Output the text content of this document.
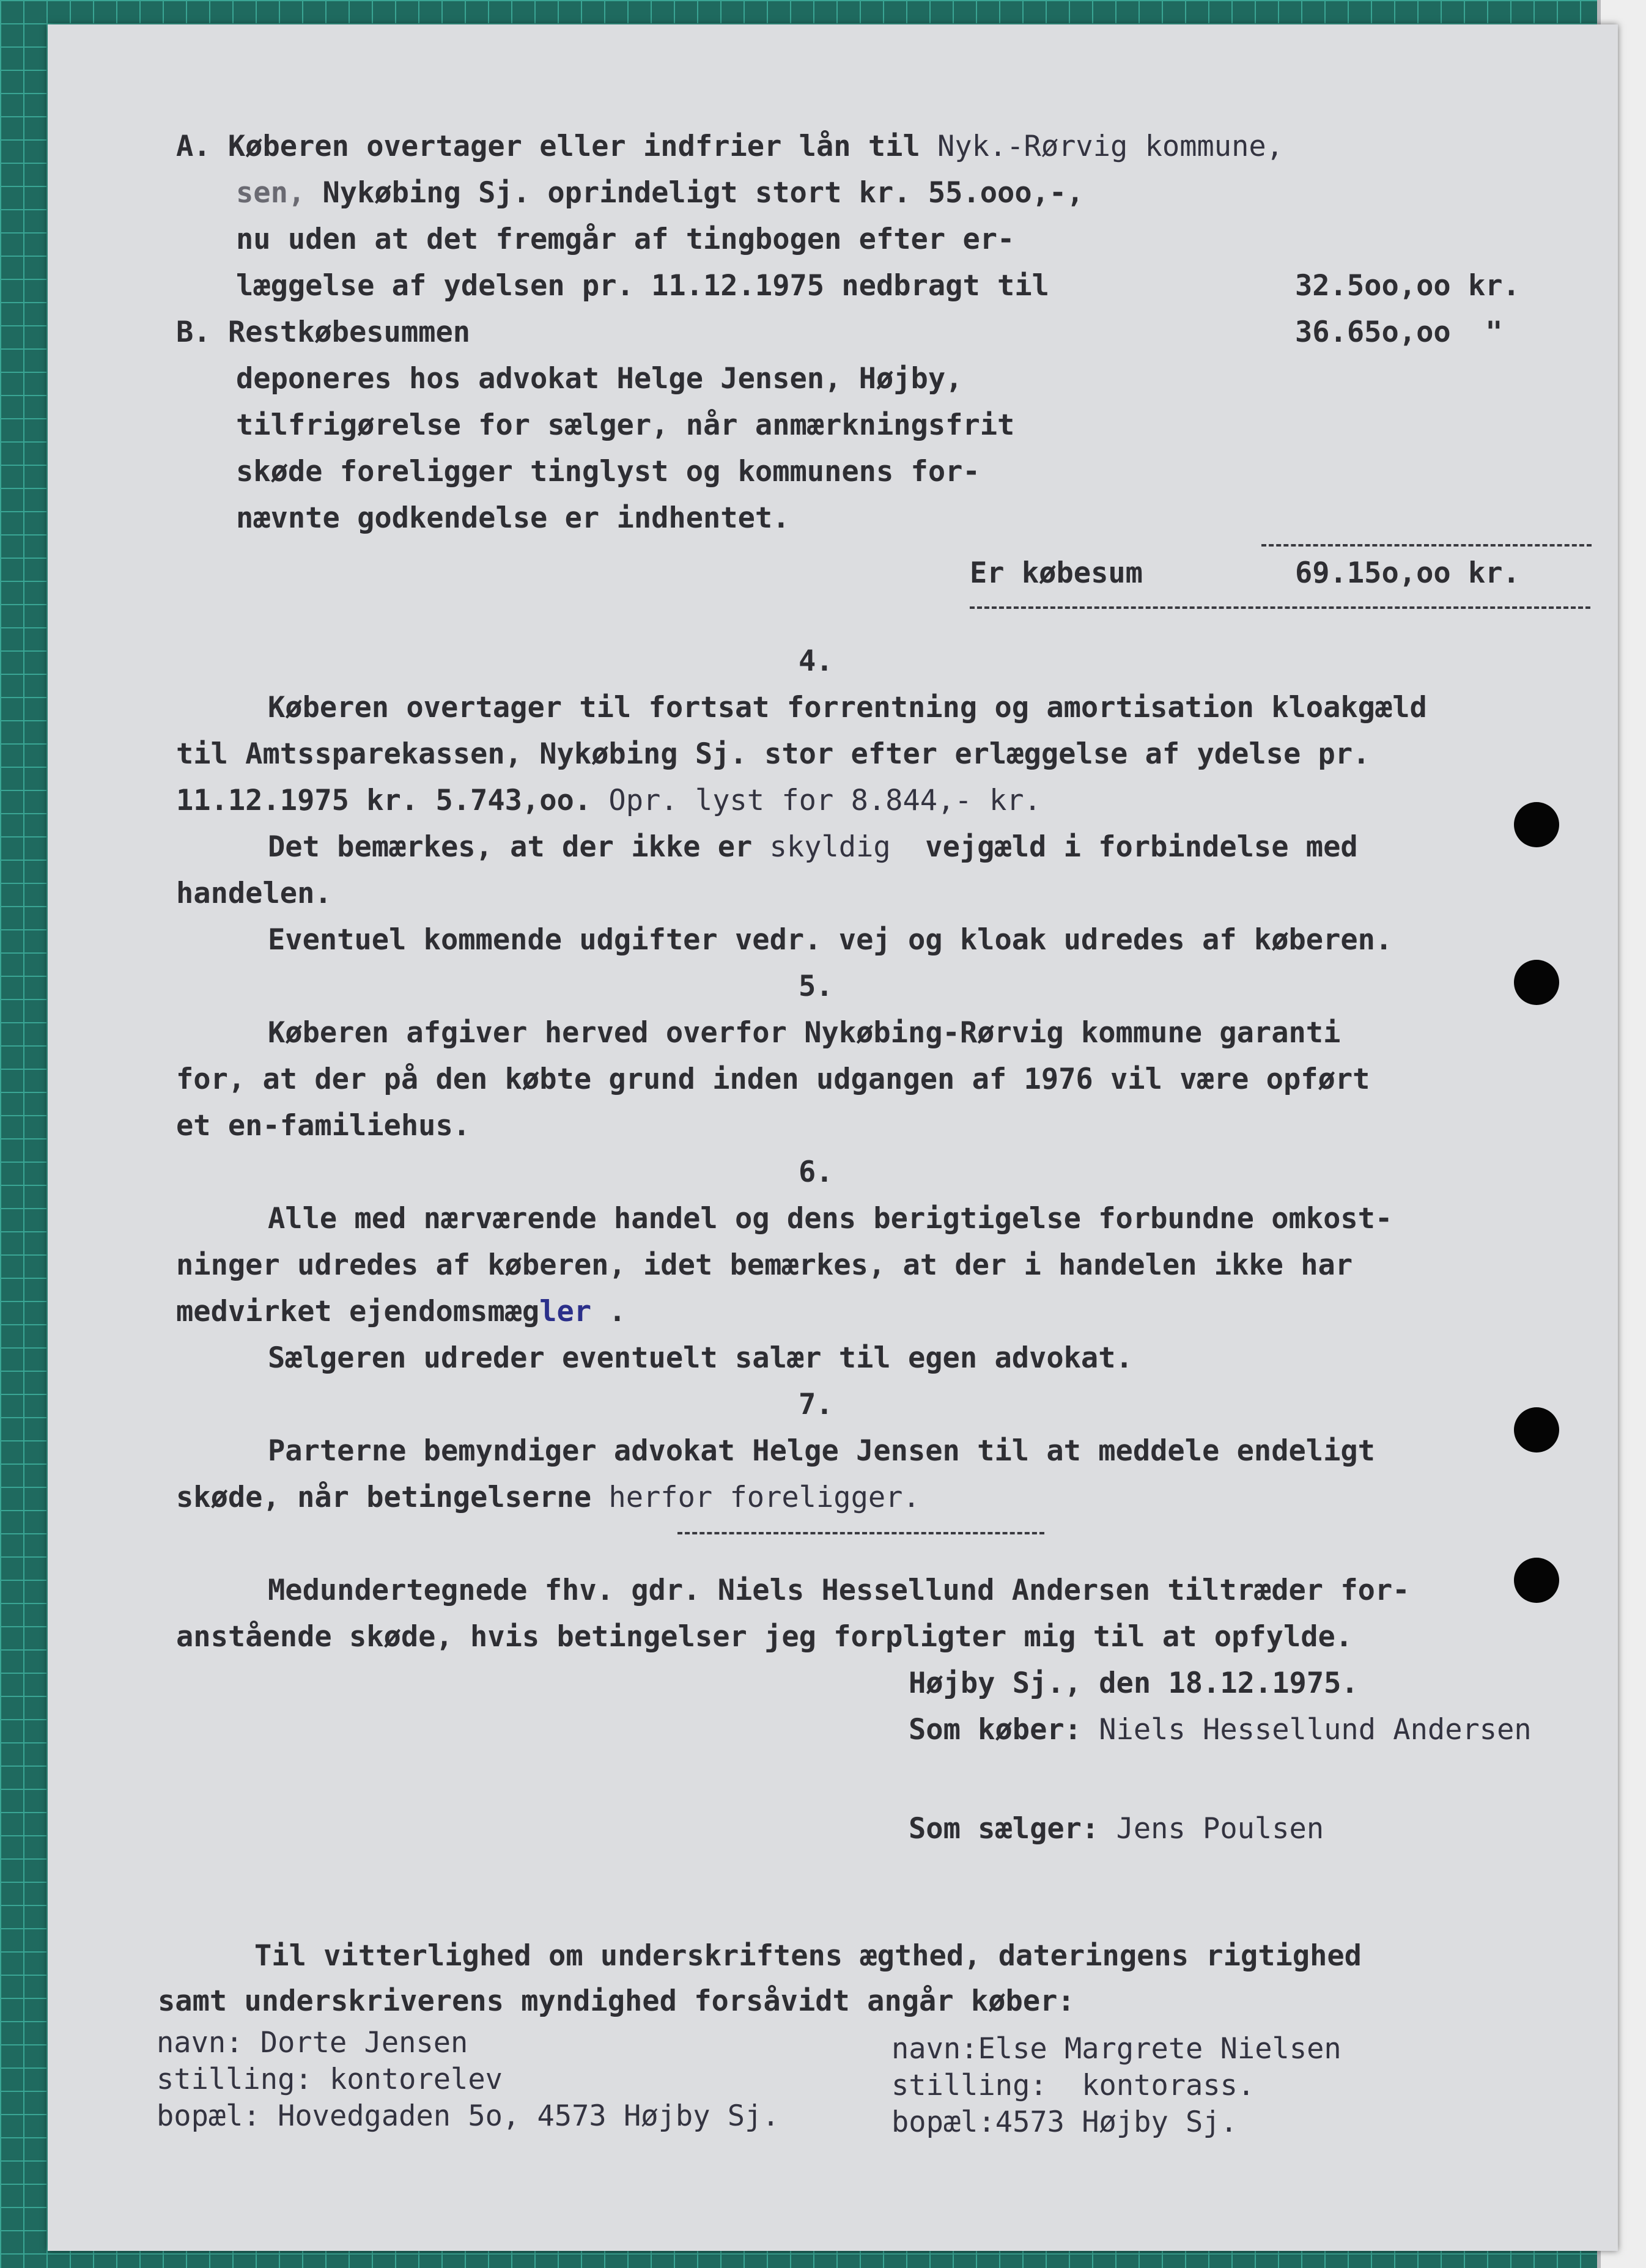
A. Køberen overtager eller indfrier lån til Nyk.-Rørvig kommune,
sen, Nykøbing Sj. oprindeligt stort kr. 55.ooo,-,
nu uden at det fremgår af tingbogen efter er-
læggelse af ydelsen pr. 11.12.1975 nedbragt til	32.5oo,oo kr.
B. Restkøbesummen	36.65o,oo  "
deponeres hos advokat Helge Jensen, Højby,
tilfrigørelse for sælger, når anmærkningsfrit
skøde foreligger tinglyst og kommunens for-
nævnte godkendelse er indhentet.
Er købesum	69.15o,oo kr.
4.
Køberen overtager til fortsat forrentning og amortisation kloakgæld
til Amtssparekassen, Nykøbing Sj. stor efter erlæggelse af ydelse pr.
11.12.1975 kr. 5.743,oo. Opr. lyst for 8.844,- kr.
Det bemærkes, at der ikke er skyldig vejgæld i forbindelse med
handelen.
Eventuel kommende udgifter vedr. vej og kloak udredes af køberen.
5.
Køberen afgiver herved overfor Nykøbing-Rørvig kommune garanti
for, at der på den købte grund inden udgangen af 1976 vil være opført
et en-familiehus.
6.
Alle med nærværende handel og dens berigtigelse forbundne omkost-
ninger udredes af køberen, idet bemærkes, at der i handelen ikke har
medvirket ejendomsmægler .
Sælgeren udreder eventuelt salær til egen advokat.
7.
Parterne bemyndiger advokat Helge Jensen til at meddele endeligt
skøde, når betingelserne herfor foreligger.
Medundertegnede fhv. gdr. Niels Hessellund Andersen tiltræder for-
anstående skøde, hvis betingelser jeg forpligter mig til at opfylde.
Højby Sj., den 18.12.1975.
Som køber: Niels Hessellund Andersen
Som sælger: Jens Poulsen
Til vitterlighed om underskriftens ægthed, dateringens rigtighed
samt underskriverens myndighed forsåvidt angår køber:
navn: Dorte Jensen
stilling: kontorelev
bopæl: Hovedgaden 5o, 4573 Højby Sj.
navn:Else Margrete Nielsen
stilling:  kontorass.
bopæl:4573 Højby Sj.
